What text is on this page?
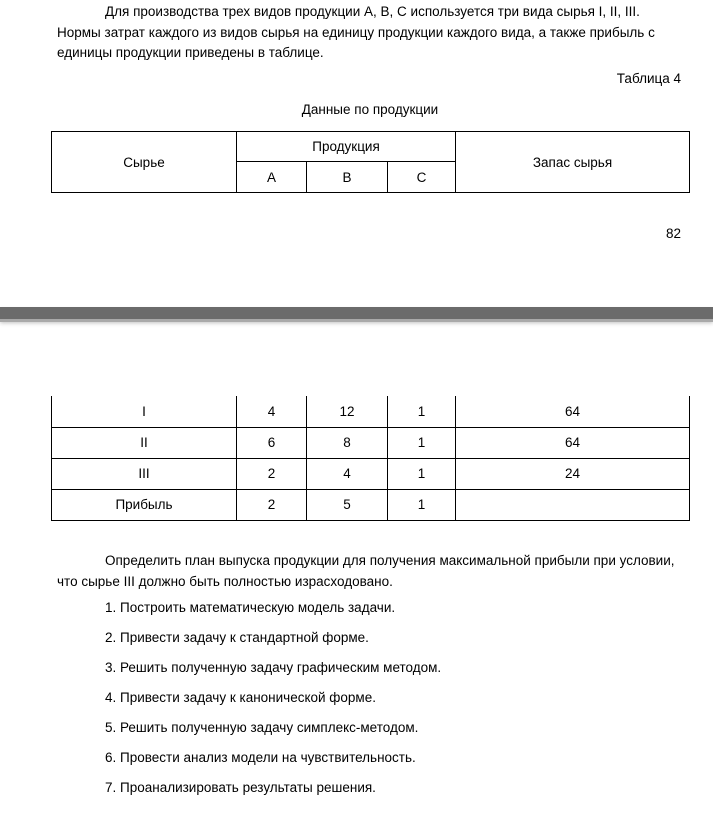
Для производства трех видов продукции A, B, C используется три вида сырья I, II, III. Нормы затрат каждого из видов сырья на единицу продукции каждого вида, а также прибыль с единицы продукции приведены в таблице.

Таблица 4
Данные по продукции
Сырье	Продукция			Запас сырья
	A	B	C	
82
I	4	12	1	64
II	6	8	1	64
III	2	4	1	24
Прибыль	2	5	1	

Определить план выпуска продукции для получения максимальной прибыли при условии, что сырье III должно быть полностью израсходовано.

1. Построить математическую модель задачи.
2. Привести задачу к стандартной форме.
3. Решить полученную задачу графическим методом.
4. Привести задачу к канонической форме.
5. Решить полученную задачу симплекс-методом.
6. Провести анализ модели на чувствительность.
7. Проанализировать результаты решения.
